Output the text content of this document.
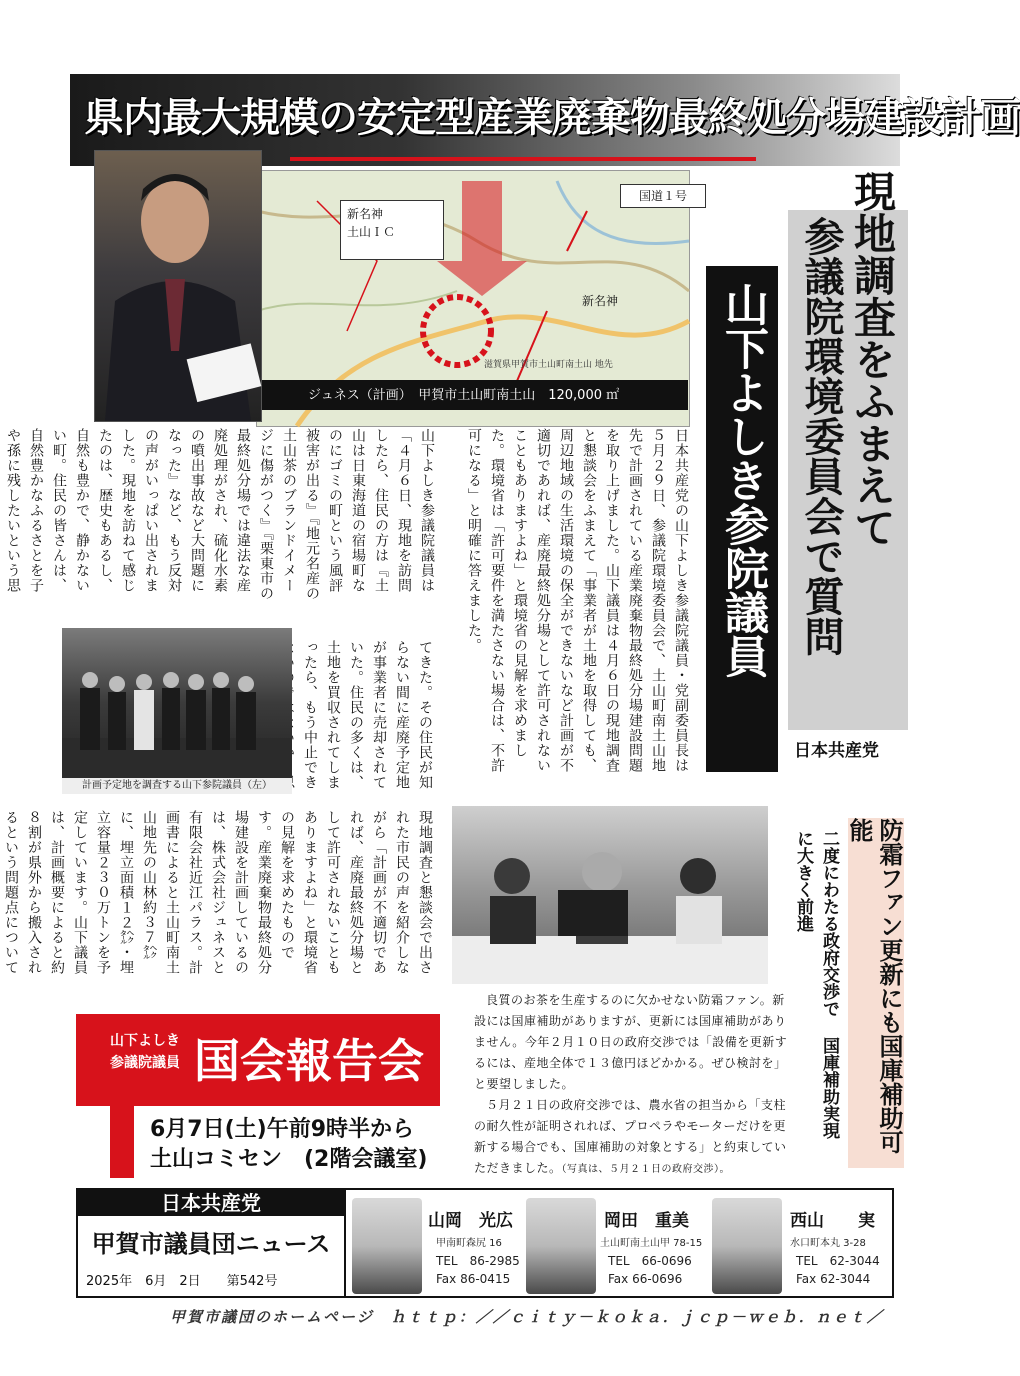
県内最大規模の安定型産業廃棄物最終処分場建設計画
新名神
土山ＩＣ
国道１号
新名神
滋賀県甲賀市土山町南土山 地先
ジュネス（計画）　甲賀市土山町南土山　120,000 ㎡	現地調査をふまえて
参議院環境委員会で質問
山下よしき参院議員
日本共産党
日本共産党の山下よしき参議院議員・党副委員長は５月２９日、参議院環境委員会で、土山町南土山地先で計画されている産業廃棄物最終処分場建設問題を取り上げました。山下議員は４月６日の現地調査と懇談会をふまえて「事業者が土地を取得しても、周辺地域の生活環境の保全ができないなど計画が不適切であれば、産廃最終処分場として許可されないこともありますよね」と環境省の見解を求めました。環境省は「許可要件を満たさない場合は、不許可になる」と明確に答えました。
山下よしき参議院議員は「４月６日、現地を訪問したら、住民の方は『土山は日東海道の宿場町なのにゴミの町という風評被害が出る』『地元名産の土山茶のブランドイメージに傷がつく』『栗東市の最終処分場では違法な産廃処理がされ、硫化水素の噴出事故など大問題になった』など、もう反対の声がいっぱい出されました。現地を訪ねて感じたのは、歴史もあるし、自然も豊かで、静かないい町。住民の皆さんは、自然豊かなふるさとを子や孫に残したいという思
てきた。その住民が知らない間に産廃予定地が事業者に売却されていた。住民の多くは、土地を買収されてしまったら、もう中止でき
現地調査と懇談会で出された市民の声を紹介しながら「計画が不適切であれば、産廃最終処分場として許可されないこともありますよね」と環境省の見解を求めたものです。産業廃棄物最終処分場建設を計画しているのは、株式会社ジュネスと有限会社近江パラス。計画書によると土山町南土山地先の山林約３７㌶に、埋立面積１２㌶・埋立容量２３０万トンを予定しています。山下議員は、計画概要によると約８割が県外から搬入されるという問題点について
計画予定地を調査する山下参院議員（左）
防霜ファン更新にも国庫補助可能
二度にわたる政府交渉で 国庫補助実現に大きく前進

良質のお茶を生産するのに欠かせない防霜ファン。新設には国庫補助がありますが、更新には国庫補助がありません。今年２月１０日の政府交渉では「設備を更新するには、産地全体で１３億円ほどかかる。ぜひ検討を」と要望しました。

５月２１日の政府交渉では、農水省の担当から「支柱の耐久性が証明されれば、プロペラやモーターだけを更新する場合でも、国庫補助の対象とする」と約束していただきました。（写真は、５月２１日の政府交渉）。

山下よしき
参議院議員 国会報告会
6月7日(土)午前9時半から
土山コミセン　(2階会議室)
日本共産党
甲賀市議員団ニュース
2025年　6月　2日　　第542号
山岡　光広
甲南町森尻 16
TEL　86-2985
Fax 86-0415
岡田　重美
土山町南土山甲 78-15
TEL　66-0696
Fax 66-0696
西山　　実
水口町本丸 3-28
TEL　62-3044
Fax 62-3044
甲賀市議団のホームページ　ｈｔｔｐ：／／ｃｉｔｙ－ｋｏｋａ．ｊｃｐ－ｗｅｂ．ｎｅｔ／
